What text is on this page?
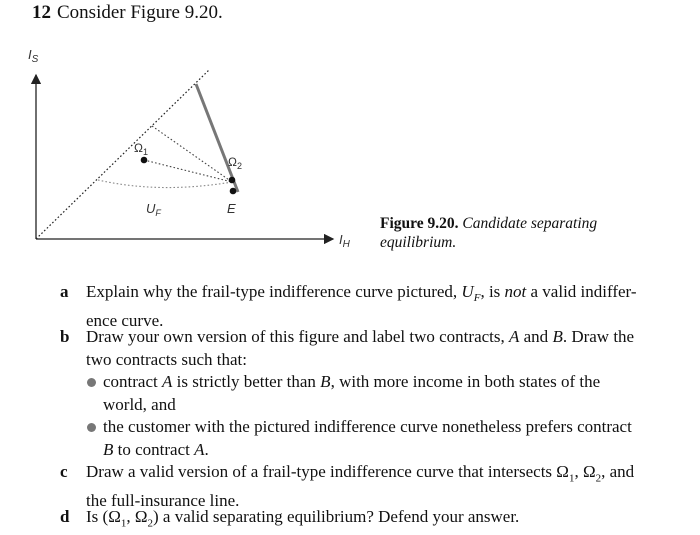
12 Consider Figure 9.20.
$I_S$
$I_H$
$\Omega_1$
$\Omega_2$
$U_F$	E
Figure 9.20. Candidate separating
equilibrium.
a Explain why the frail-type indifference curve pictured, $U_F$, is not a valid indiffer-
ence curve.
b Draw your own version of this figure and label two contracts, A and B. Draw the
two contracts such that:
contract A is strictly better than B, with more income in both states of the
world, and
the customer with the pictured indifference curve nonetheless prefers contract
B to contract A.
c Draw a valid version of a frail-type indifference curve that intersects $\Omega_1$, $\Omega_2$, and
the full-insurance line.
d Is ($\Omega_1$, $\Omega_2$) a valid separating equilibrium? Defend your answer.
